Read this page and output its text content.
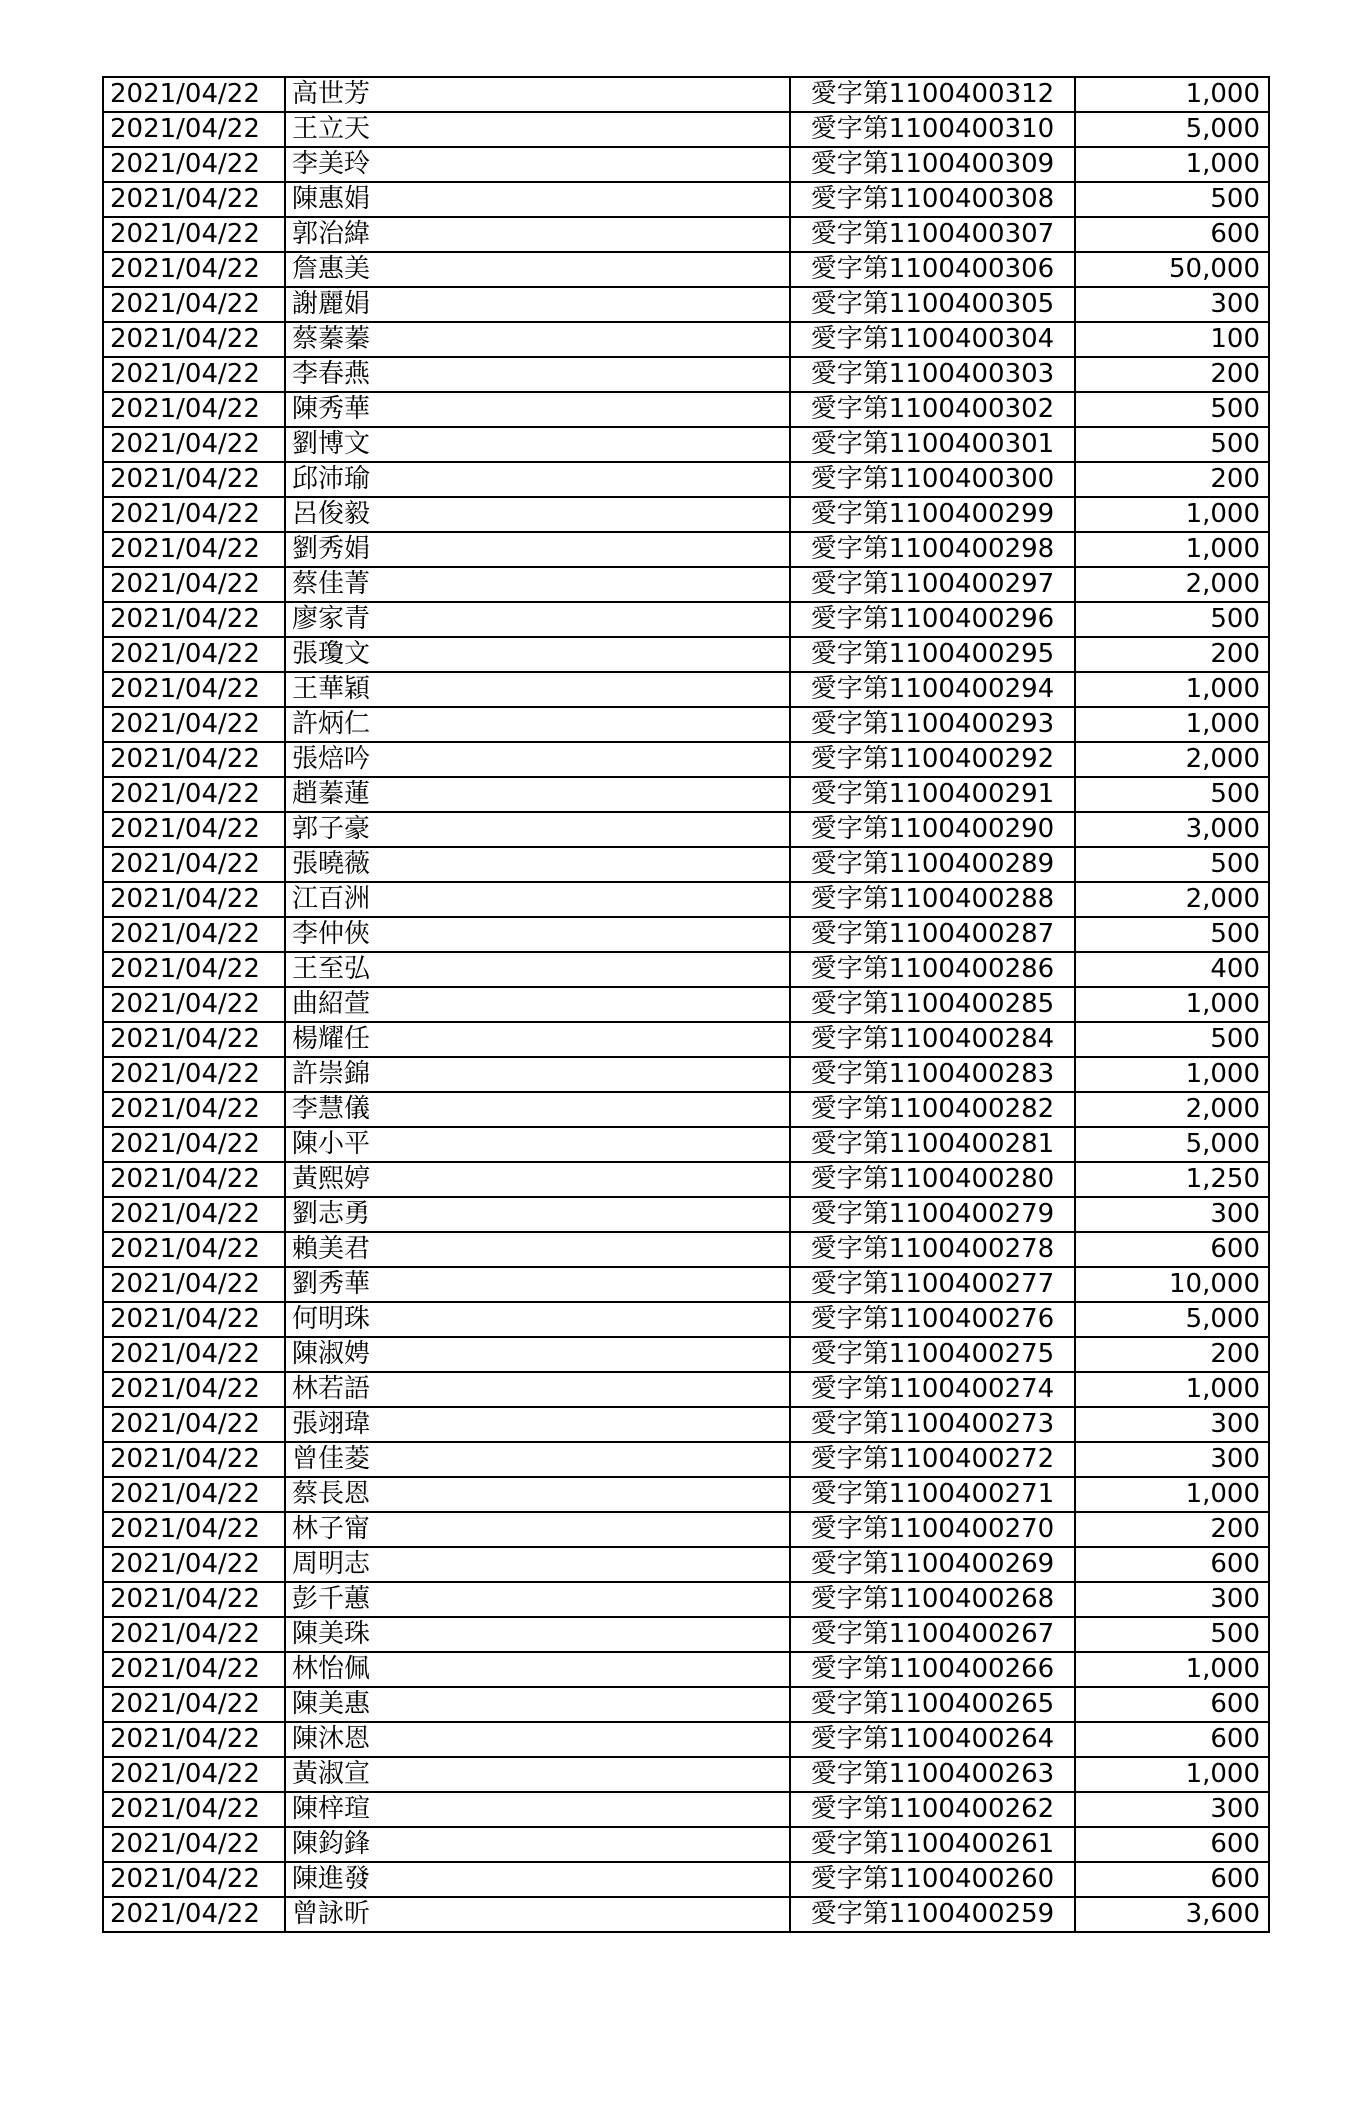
2021/04/22	高世芳	愛字第1100400312	1,000
2021/04/22	王立天	愛字第1100400310	5,000
2021/04/22	李美玲	愛字第1100400309	1,000
2021/04/22	陳惠娟	愛字第1100400308	500
2021/04/22	郭治緯	愛字第1100400307	600
2021/04/22	詹惠美	愛字第1100400306	50,000
2021/04/22	謝麗娟	愛字第1100400305	300
2021/04/22	蔡蓁蓁	愛字第1100400304	100
2021/04/22	李春燕	愛字第1100400303	200
2021/04/22	陳秀華	愛字第1100400302	500
2021/04/22	劉博文	愛字第1100400301	500
2021/04/22	邱沛瑜	愛字第1100400300	200
2021/04/22	呂俊毅	愛字第1100400299	1,000
2021/04/22	劉秀娟	愛字第1100400298	1,000
2021/04/22	蔡佳菁	愛字第1100400297	2,000
2021/04/22	廖家青	愛字第1100400296	500
2021/04/22	張瓊文	愛字第1100400295	200
2021/04/22	王華穎	愛字第1100400294	1,000
2021/04/22	許炳仁	愛字第1100400293	1,000
2021/04/22	張焙吟	愛字第1100400292	2,000
2021/04/22	趙蓁蓮	愛字第1100400291	500
2021/04/22	郭子豪	愛字第1100400290	3,000
2021/04/22	張曉薇	愛字第1100400289	500
2021/04/22	江百洲	愛字第1100400288	2,000
2021/04/22	李仲俠	愛字第1100400287	500
2021/04/22	王至弘	愛字第1100400286	400
2021/04/22	曲紹萱	愛字第1100400285	1,000
2021/04/22	楊耀任	愛字第1100400284	500
2021/04/22	許崇錦	愛字第1100400283	1,000
2021/04/22	李慧儀	愛字第1100400282	2,000
2021/04/22	陳小平	愛字第1100400281	5,000
2021/04/22	黃熙婷	愛字第1100400280	1,250
2021/04/22	劉志勇	愛字第1100400279	300
2021/04/22	賴美君	愛字第1100400278	600
2021/04/22	劉秀華	愛字第1100400277	10,000
2021/04/22	何明珠	愛字第1100400276	5,000
2021/04/22	陳淑娉	愛字第1100400275	200
2021/04/22	林若語	愛字第1100400274	1,000
2021/04/22	張翊瑋	愛字第1100400273	300
2021/04/22	曾佳菱	愛字第1100400272	300
2021/04/22	蔡長恩	愛字第1100400271	1,000
2021/04/22	林子甯	愛字第1100400270	200
2021/04/22	周明志	愛字第1100400269	600
2021/04/22	彭千蕙	愛字第1100400268	300
2021/04/22	陳美珠	愛字第1100400267	500
2021/04/22	林怡佩	愛字第1100400266	1,000
2021/04/22	陳美惠	愛字第1100400265	600
2021/04/22	陳沐恩	愛字第1100400264	600
2021/04/22	黃淑宣	愛字第1100400263	1,000
2021/04/22	陳梓瑄	愛字第1100400262	300
2021/04/22	陳鈞鋒	愛字第1100400261	600
2021/04/22	陳進發	愛字第1100400260	600
2021/04/22	曾詠昕	愛字第1100400259	3,600
